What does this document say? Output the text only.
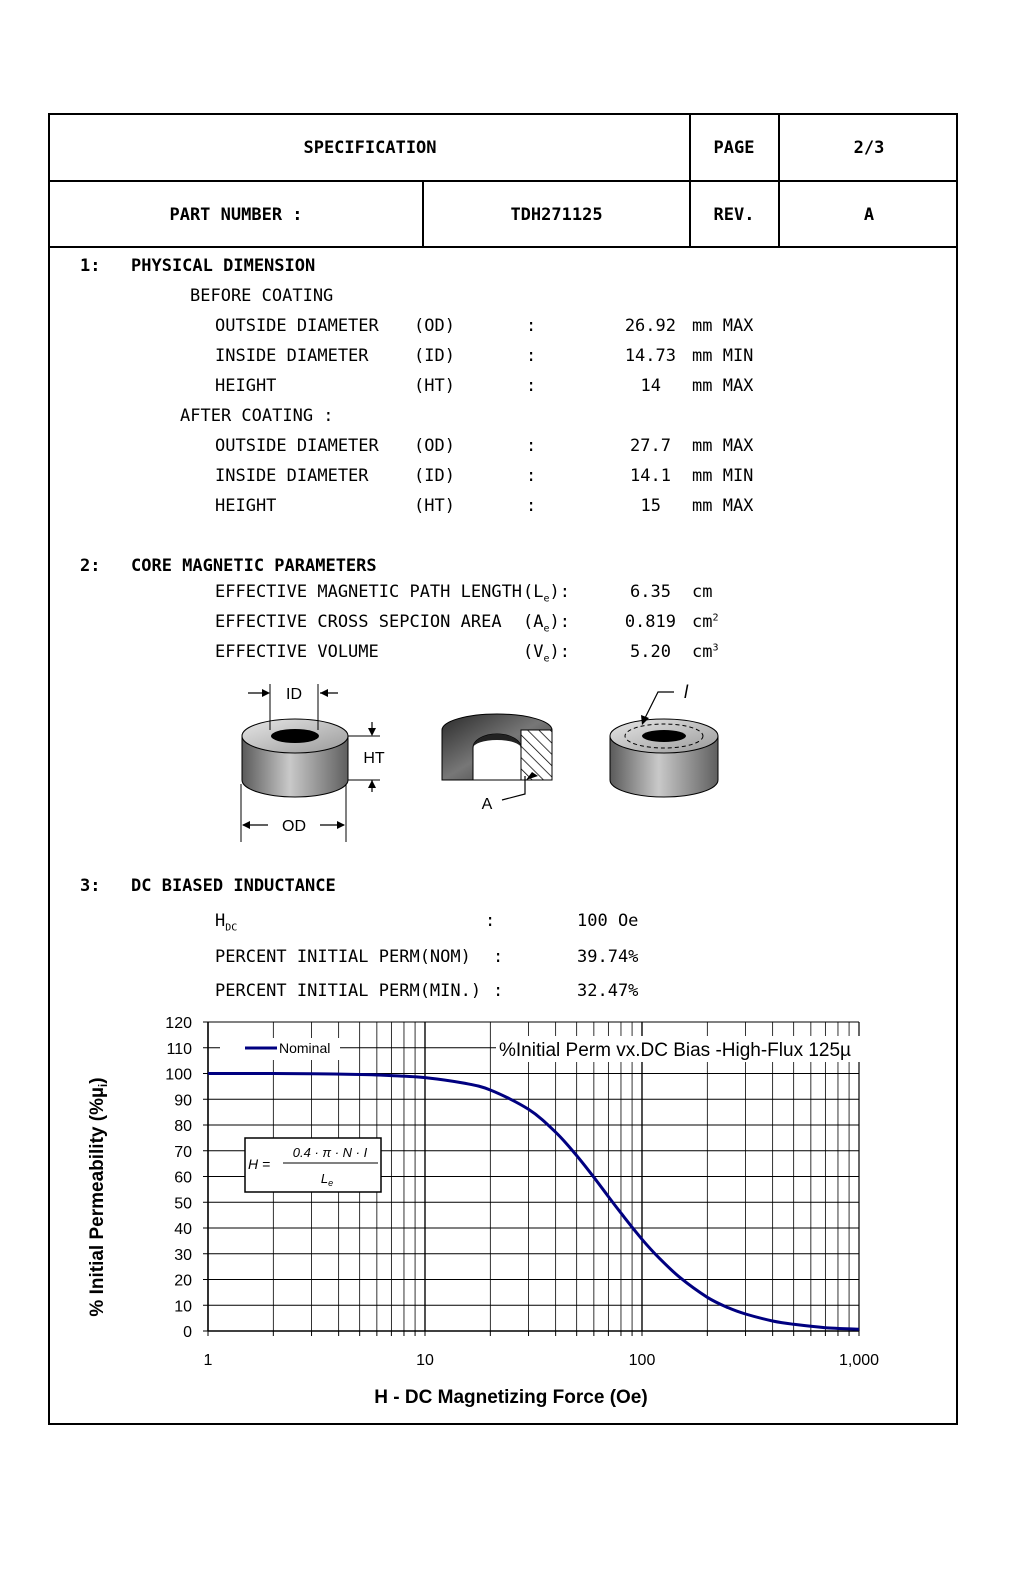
SPECIFICATION	PAGE	2/3
PART NUMBER :	TDH271125	REV.	A
1: PHYSICAL DIMENSION
BEFORE COATING
OUTSIDE DIAMETER (OD)	:	26.92 mm MAX
INSIDE DIAMETER	(ID)	:	14.73 mm MIN
HEIGHT	(HT)	:	14 mm MAX
AFTER COATING :
OUTSIDE DIAMETER (OD)	:	27.7 mm MAX
INSIDE DIAMETER	(ID)	:	14.1 mm MIN
HEIGHT	(HT)	:	15 mm MAX
2: CORE MAGNETIC PARAMETERS
EFFECTIVE MAGNETIC PATH LENGTH $(L_e)$:	6.35 cm
EFFECTIVE CROSS SEPCION AREA $(A_e)$:	0.819 $cm^2$
EFFECTIVE VOLUME	$(V_e)$:	5.20 $cm^3$
ID
HT
OD
A
l
3: DC BIASED INDUCTANCE
$H_{DC}$	:	100 Oe
PERCENT INITIAL PERM(NOM) :	39.74%
PERCENT INITIAL PERM(MIN.) :	32.47%
0
10
20
30
40
50
60
70
80
90
100
110
120
1	10	100	1,000
Nominal	%Initial Perm vx.DC Bias -High-Flux 125µ
H =
0.4 · π · N · I
$L_e$
H - DC Magnetizing Force (Oe)
% Initial Permeability (%µ$_i$)
